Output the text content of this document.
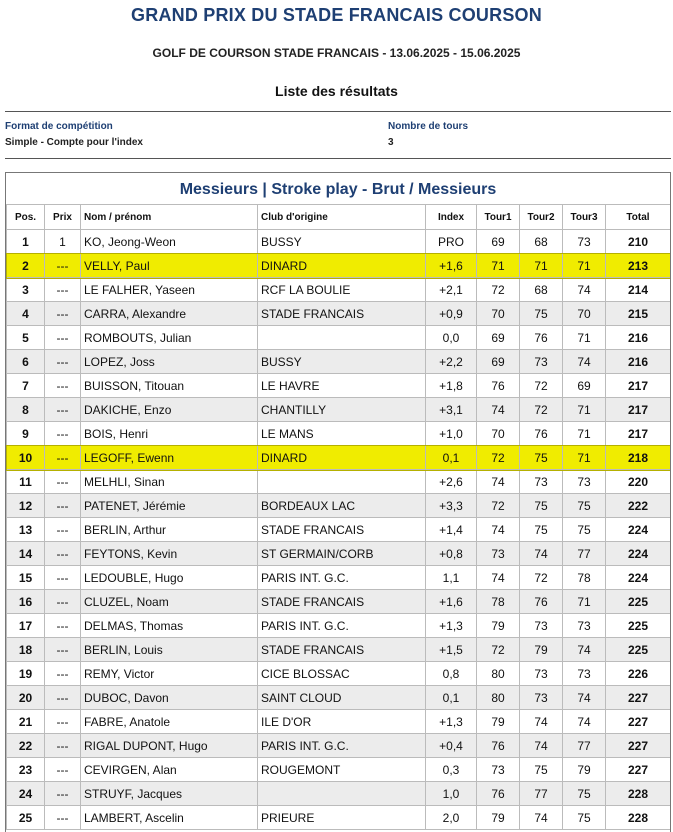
GRAND PRIX DU STADE FRANCAIS COURSON
GOLF DE COURSON STADE FRANCAIS - 13.06.2025 - 15.06.2025
Liste des résultats
Format de compétition
Simple - Compte pour l'index
Nombre de tours
3
Messieurs | Stroke play - Brut / Messieurs
Pos.	Prix	Nom / prénom	Club d'origine	Index	Tour1	Tour2	Tour3	Total
1	1	KO, Jeong-Weon	BUSSY	PRO	69	68	73	210
2	---	VELLY, Paul	DINARD	+1,6	71	71	71	213
3	---	LE FALHER, Yaseen	RCF LA BOULIE	+2,1	72	68	74	214
4	---	CARRA, Alexandre	STADE FRANCAIS	+0,9	70	75	70	215
5	---	ROMBOUTS, Julian		0,0	69	76	71	216
6	---	LOPEZ, Joss	BUSSY	+2,2	69	73	74	216
7	---	BUISSON, Titouan	LE HAVRE	+1,8	76	72	69	217
8	---	DAKICHE, Enzo	CHANTILLY	+3,1	74	72	71	217
9	---	BOIS, Henri	LE MANS	+1,0	70	76	71	217
10	---	LEGOFF, Ewenn	DINARD	0,1	72	75	71	218
11	---	MELHLI, Sinan		+2,6	74	73	73	220
12	---	PATENET, Jérémie	BORDEAUX LAC	+3,3	72	75	75	222
13	---	BERLIN, Arthur	STADE FRANCAIS	+1,4	74	75	75	224
14	---	FEYTONS, Kevin	ST GERMAIN/CORB	+0,8	73	74	77	224
15	---	LEDOUBLE, Hugo	PARIS INT. G.C.	1,1	74	72	78	224
16	---	CLUZEL, Noam	STADE FRANCAIS	+1,6	78	76	71	225
17	---	DELMAS, Thomas	PARIS INT. G.C.	+1,3	79	73	73	225
18	---	BERLIN, Louis	STADE FRANCAIS	+1,5	72	79	74	225
19	---	REMY, Victor	CICE BLOSSAC	0,8	80	73	73	226
20	---	DUBOC, Davon	SAINT CLOUD	0,1	80	73	74	227
21	---	FABRE, Anatole	ILE D'OR	+1,3	79	74	74	227
22	---	RIGAL DUPONT, Hugo	PARIS INT. G.C.	+0,4	76	74	77	227
23	---	CEVIRGEN, Alan	ROUGEMONT	0,3	73	75	79	227
24	---	STRUYF, Jacques		1,0	76	77	75	228
25	---	LAMBERT, Ascelin	PRIEURE	2,0	79	74	75	228
